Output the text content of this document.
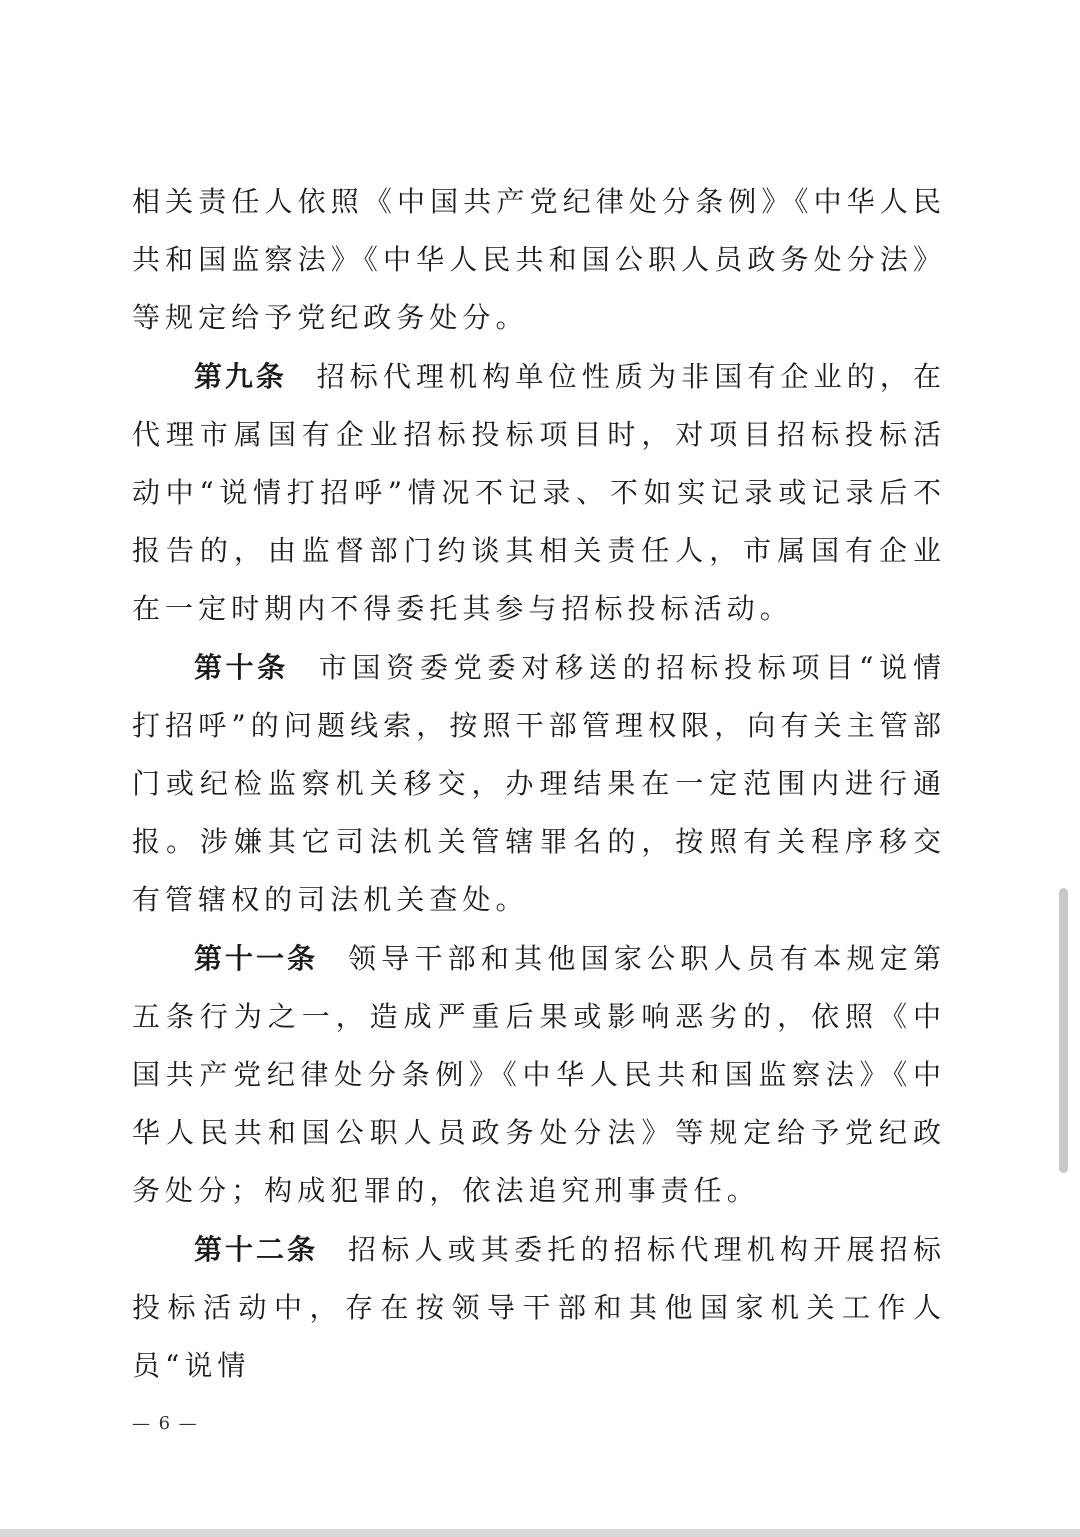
相关责任人依照《中国共产党纪律处分条例》《中华人民共和国监察法》《中华人民共和国公职人员政务处分法》等规定给予党纪政务处分。

第九条 招标代理机构单位性质为非国有企业的，在代理市属国有企业招标投标项目时，对项目招标投标活动中“说情打招呼”情况不记录、不如实记录或记录后不报告的，由监督部门约谈其相关责任人，市属国有企业在一定时期内不得委托其参与招标投标活动。

第十条 市国资委党委对移送的招标投标项目“说情打招呼”的问题线索，按照干部管理权限，向有关主管部门或纪检监察机关移交，办理结果在一定范围内进行通报。涉嫌其它司法机关管辖罪名的，按照有关程序移交有管辖权的司法机关查处。

第十一条 领导干部和其他国家公职人员有本规定第五条行为之一，造成严重后果或影响恶劣的，依照《中国共产党纪律处分条例》《中华人民共和国监察法》《中华人民共和国公职人员政务处分法》等规定给予党纪政务处分；构成犯罪的，依法追究刑事责任。

第十二条 招标人或其委托的招标代理机构开展招标投标活动中，存在按领导干部和其他国家机关工作人员“说情

— 6 —
